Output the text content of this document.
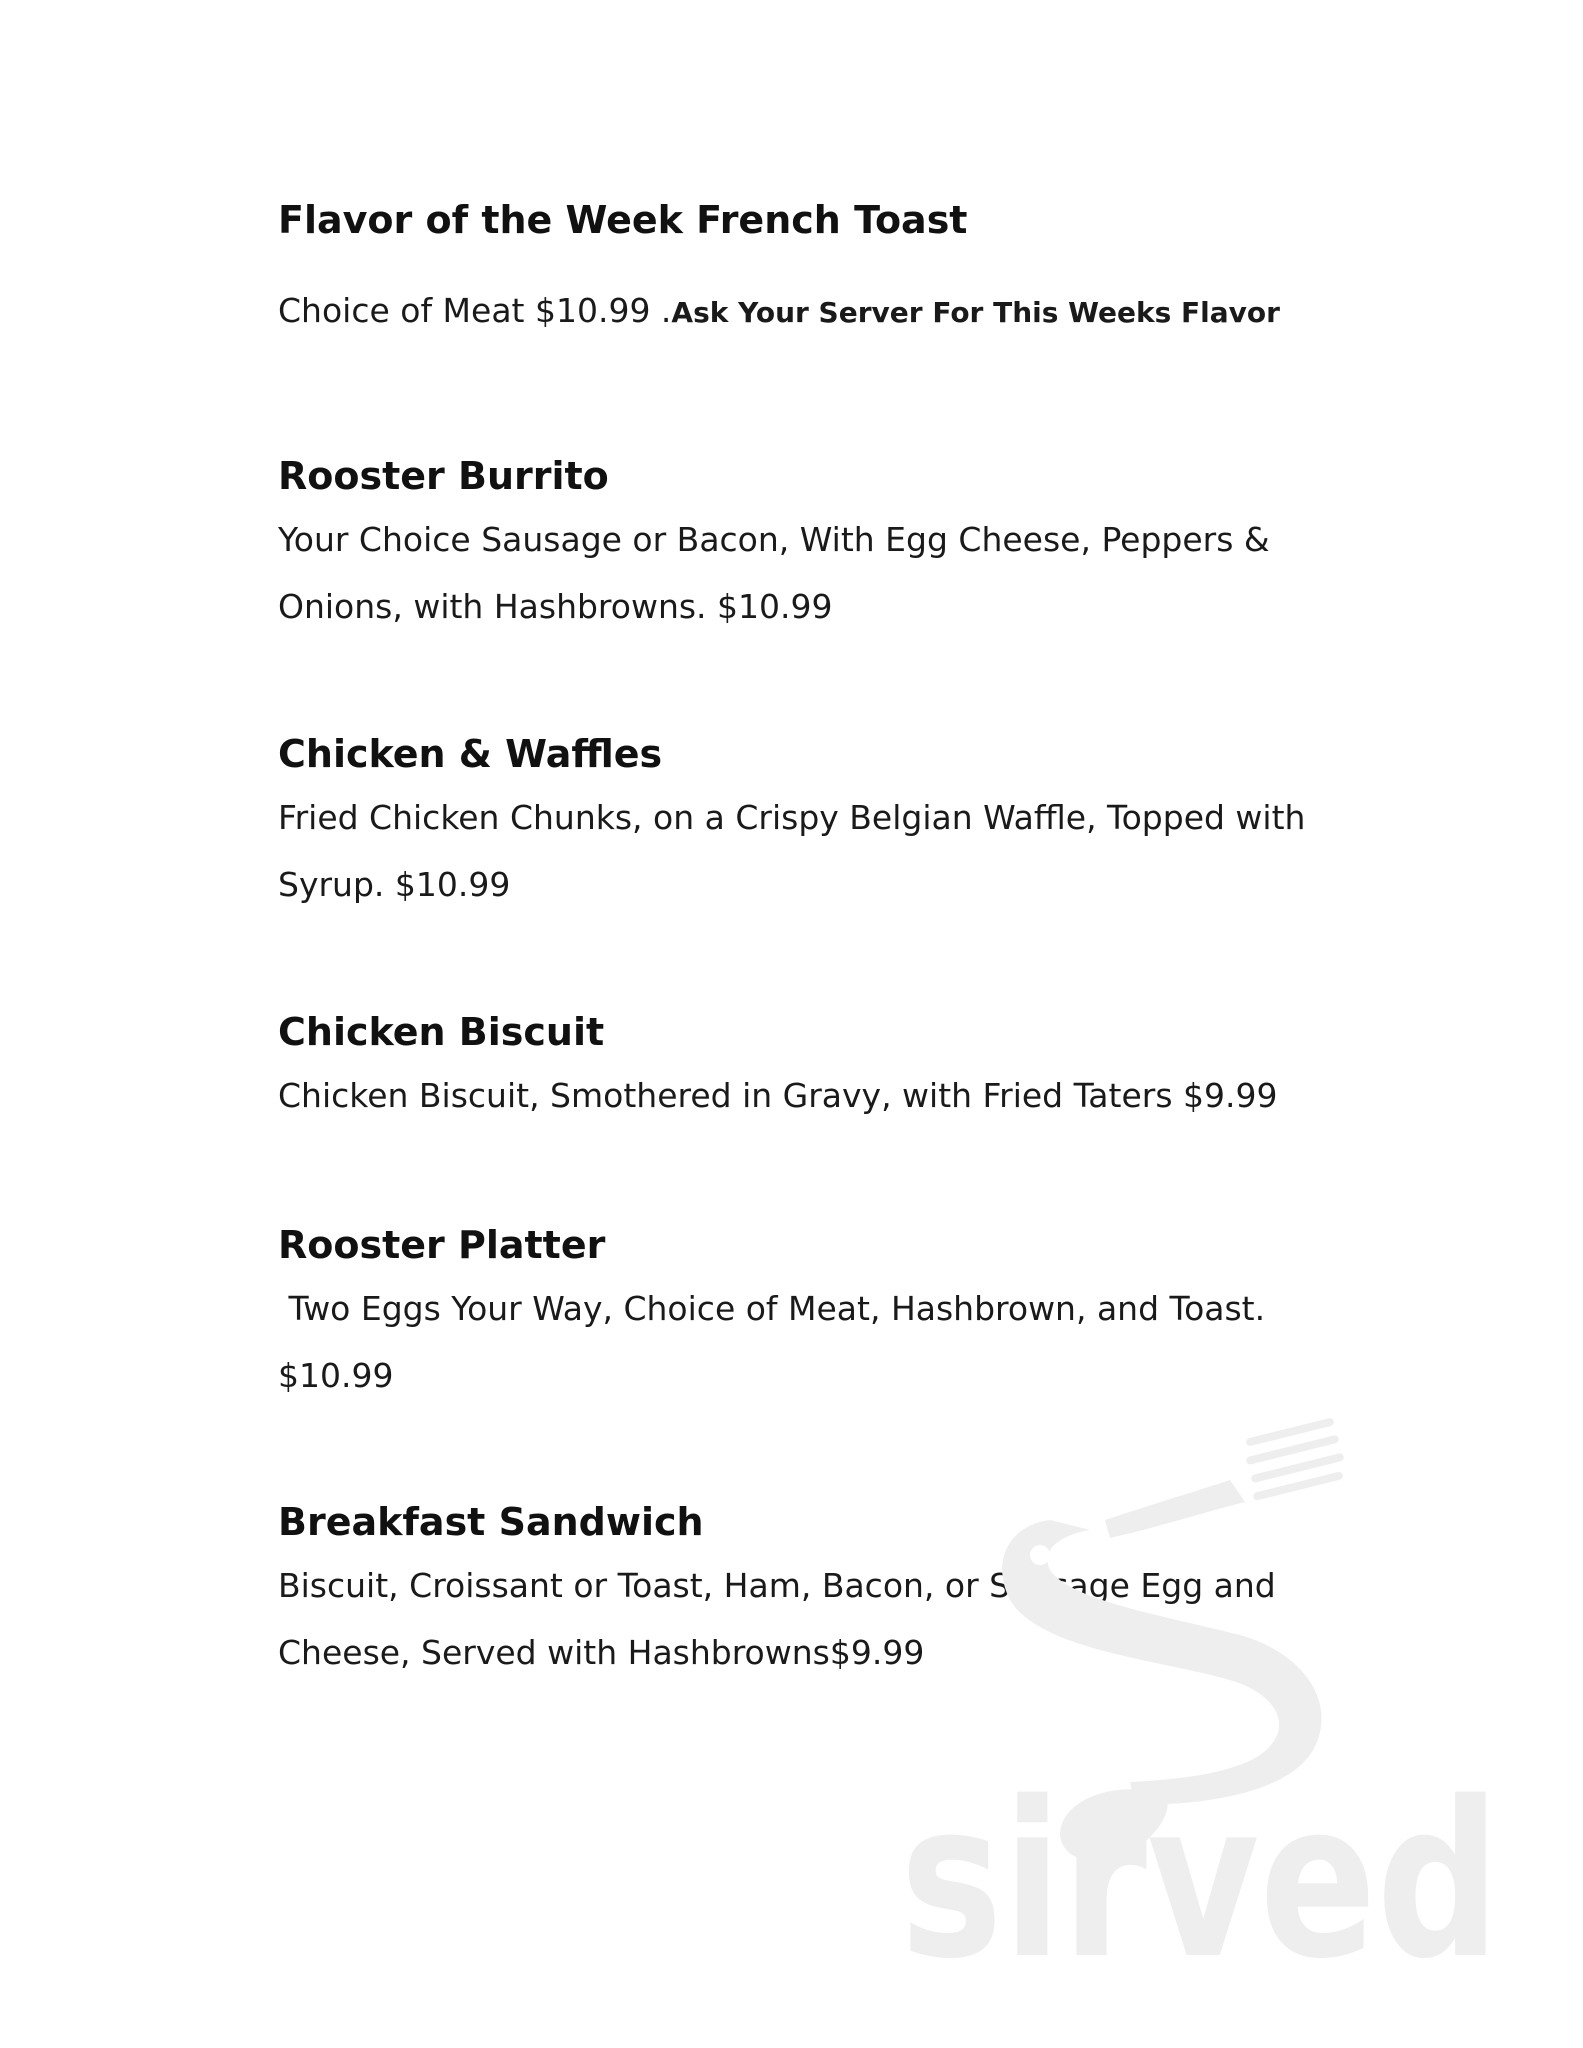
Flavor of the Week French Toast

Choice of Meat $10.99 .Ask Your Server For This Weeks Flavor

Rooster Burrito

Your Choice Sausage or Bacon, With Egg Cheese, Peppers & Onions, with Hashbrowns. $10.99

Chicken & Waffles

Fried Chicken Chunks, on a Crispy Belgian Waffle, Topped with Syrup. $10.99

Chicken Biscuit

Chicken Biscuit, Smothered in Gravy, with Fried Taters $9.99

Rooster Platter

Two Eggs Your Way, Choice of Meat, Hashbrown, and Toast. $10.99

Breakfast Sandwich

Biscuit, Croissant or Toast, Ham, Bacon, or Sausage Egg and Cheese, Served with Hashbrowns$9.99

sirved
